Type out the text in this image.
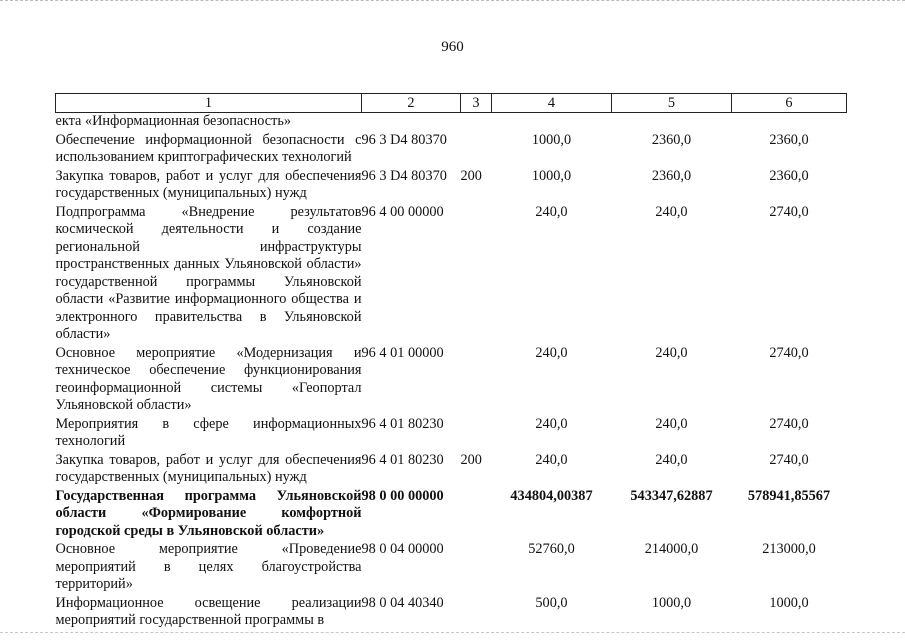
960
1	2	3	4	5	6
екта «Информационная безопасность»					
Обеспечение информационной безопасности с использованием криптографических технологий	96 3 D4 80370		1000,0	2360,0	2360,0
Закупка товаров, работ и услуг для обеспечения государственных (муниципальных) нужд	96 3 D4 80370	200	1000,0	2360,0	2360,0
Подпрограмма «Внедрение результатов космической деятельности и создание региональной инфраструктуры пространственных данных Ульяновской области» государственной программы Ульяновской области «Развитие информационного общества и электронного правительства в Ульяновской области»	96 4 00 00000		240,0	240,0	2740,0
Основное мероприятие «Модернизация и техническое обеспечение функционирования геоинформационной системы «Геопортал Ульяновской области»	96 4 01 00000		240,0	240,0	2740,0
Мероприятия в сфере информационных технологий	96 4 01 80230		240,0	240,0	2740,0
Закупка товаров, работ и услуг для обеспечения государственных (муниципальных) нужд	96 4 01 80230	200	240,0	240,0	2740,0
Государственная программа Ульяновской области «Формирование комфортной городской среды в Ульяновской области»	98 0 00 00000		434804,00387	543347,62887	578941,85567
Основное мероприятие «Проведение мероприятий в целях благоустройства территорий»	98 0 04 00000		52760,0	214000,0	213000,0
Информационное освещение реализации мероприятий государственной программы в	98 0 04 40340		500,0	1000,0	1000,0
